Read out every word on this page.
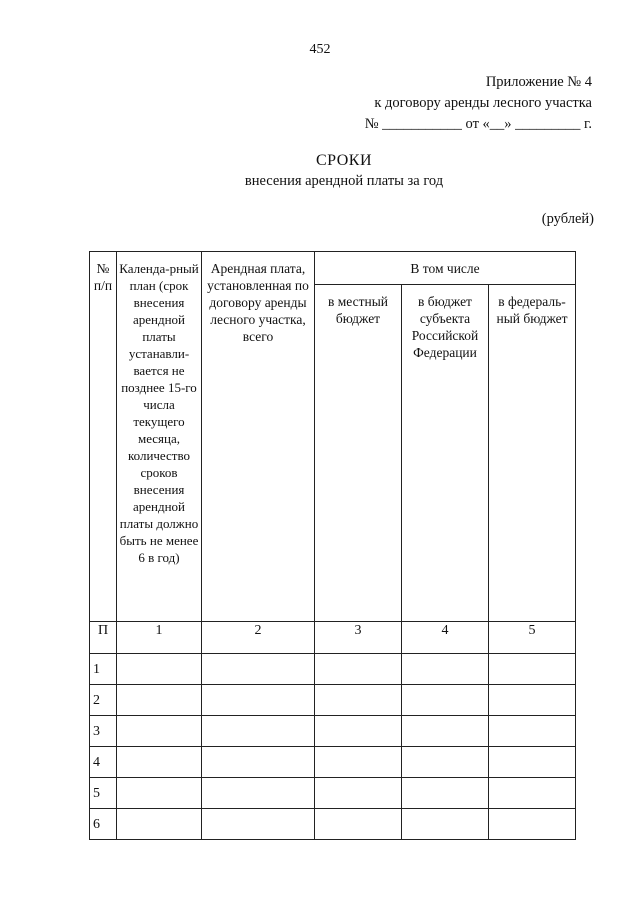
452
Приложение № 4
к договору аренды лесного участка
№ ___________ от «__» _________ г.
СРОКИ
внесения арендной платы за год
(рублей)
№ п/п	Календа-рный план (срок внесения арендной платы устанавли-вается не позднее 15-го числа текущего месяца, количество сроков внесения арендной платы должно быть не менее 6 в год)	Арендная плата, установленная по договору аренды лесного участка, всего	В том числе		
			в местный бюджет	в бюджет субъекта Российской Федерации	в федераль-ный бюджет
П	1	2	3	4	5
1					
2					
3					
4					
5					
6					
